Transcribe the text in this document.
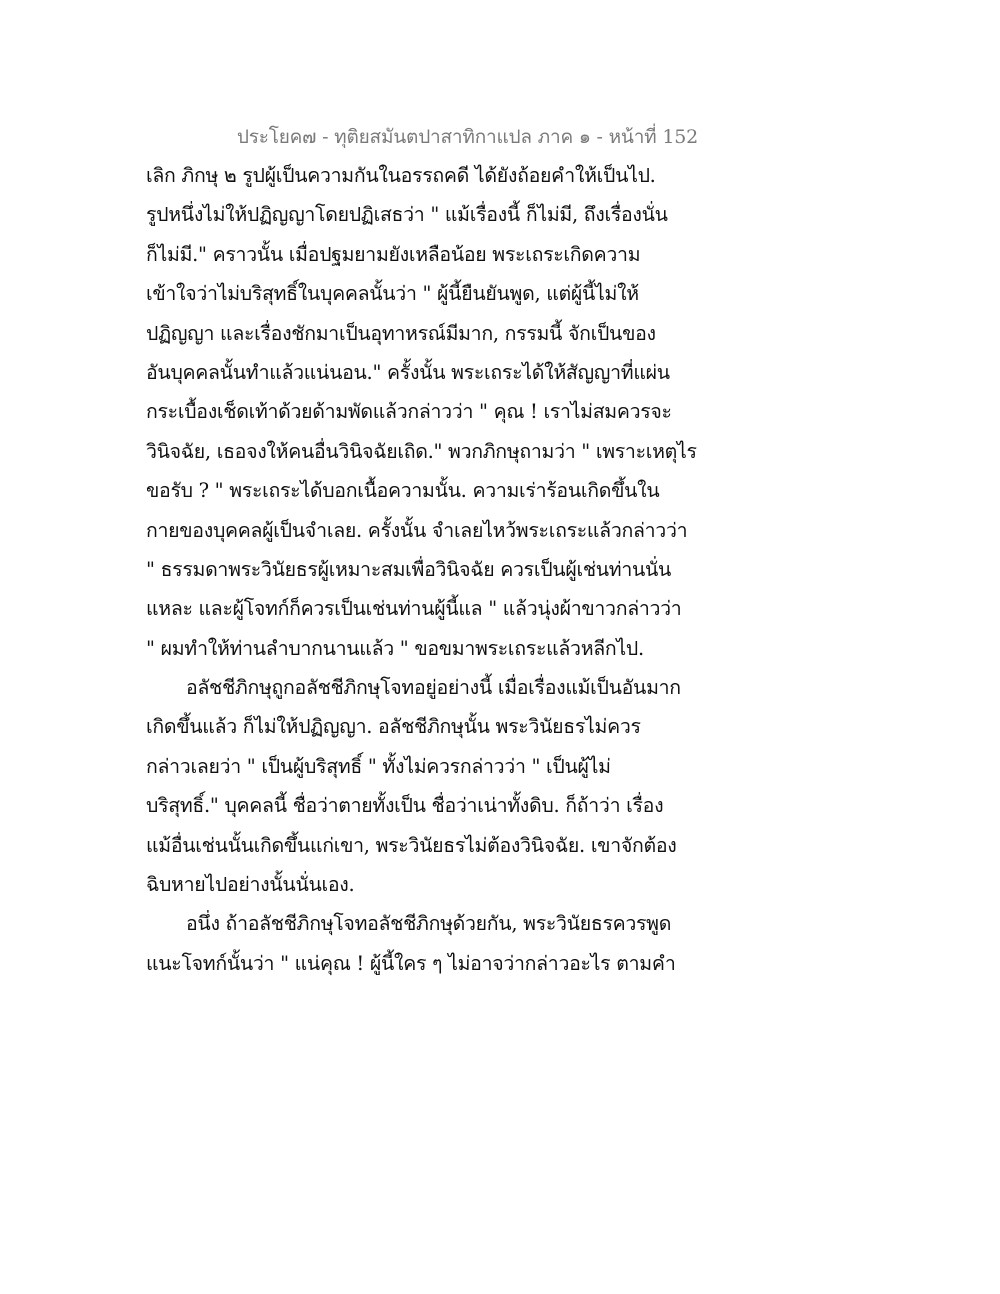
ประโยค๗ - ทุติยสมันตปาสาทิกาแปล ภาค ๑ - หน้าที่ 152
เลิก ภิกษุ ๒ รูปผู้เป็นความกันในอรรถคดี ได้ยังถ้อยคำให้เป็นไป.
รูปหนึ่งไม่ให้ปฏิญญาโดยปฏิเสธว่า " แม้เรื่องนี้ ก็ไม่มี, ถึงเรื่องนั่น
ก็ไม่มี." คราวนั้น เมื่อปฐมยามยังเหลือน้อย พระเถระเกิดความ
เข้าใจว่าไม่บริสุทธิ์ในบุคคลนั้นว่า " ผู้นี้ยืนยันพูด, แต่ผู้นี้ไม่ให้
ปฏิญญา และเรื่องชักมาเป็นอุทาหรณ์มีมาก, กรรมนี้ จักเป็นของ
อันบุคคลนั้นทำแล้วแน่นอน." ครั้งนั้น พระเถระได้ให้สัญญาที่แผ่น
กระเบื้องเช็ดเท้าด้วยด้ามพัดแล้วกล่าวว่า " คุณ ! เราไม่สมควรจะ
วินิจฉัย, เธอจงให้คนอื่นวินิจฉัยเถิด." พวกภิกษุถามว่า " เพราะเหตุไร
ขอรับ ? " พระเถระได้บอกเนื้อความนั้น. ความเร่าร้อนเกิดขึ้นใน
กายของบุคคลผู้เป็นจำเลย. ครั้งนั้น จำเลยไหว้พระเถระแล้วกล่าวว่า
" ธรรมดาพระวินัยธรผู้เหมาะสมเพื่อวินิจฉัย ควรเป็นผู้เช่นท่านนั่น
แหละ และผู้โจทก์ก็ควรเป็นเช่นท่านผู้นี้แล " แล้วนุ่งผ้าขาวกล่าวว่า
" ผมทำให้ท่านลำบากนานแล้ว " ขอขมาพระเถระแล้วหลีกไป.
อลัชชีภิกษุถูกอลัชชีภิกษุโจทอยู่อย่างนี้ เมื่อเรื่องแม้เป็นอันมาก
เกิดขึ้นแล้ว ก็ไม่ให้ปฏิญญา. อลัชชีภิกษุนั้น พระวินัยธรไม่ควร
กล่าวเลยว่า " เป็นผู้บริสุทธิ์ " ทั้งไม่ควรกล่าวว่า " เป็นผู้ไม่
บริสุทธิ์." บุคคลนี้ ชื่อว่าตายทั้งเป็น ชื่อว่าเน่าทั้งดิบ. ก็ถ้าว่า เรื่อง
แม้อื่นเช่นนั้นเกิดขึ้นแก่เขา, พระวินัยธรไม่ต้องวินิจฉัย. เขาจักต้อง
ฉิบหายไปอย่างนั้นนั่นเอง.
อนึ่ง ถ้าอลัชชีภิกษุโจทอลัชชีภิกษุด้วยกัน, พระวินัยธรควรพูด
แนะโจทก์นั้นว่า " แน่คุณ ! ผู้นี้ใคร ๆ ไม่อาจว่ากล่าวอะไร ตามคำ
